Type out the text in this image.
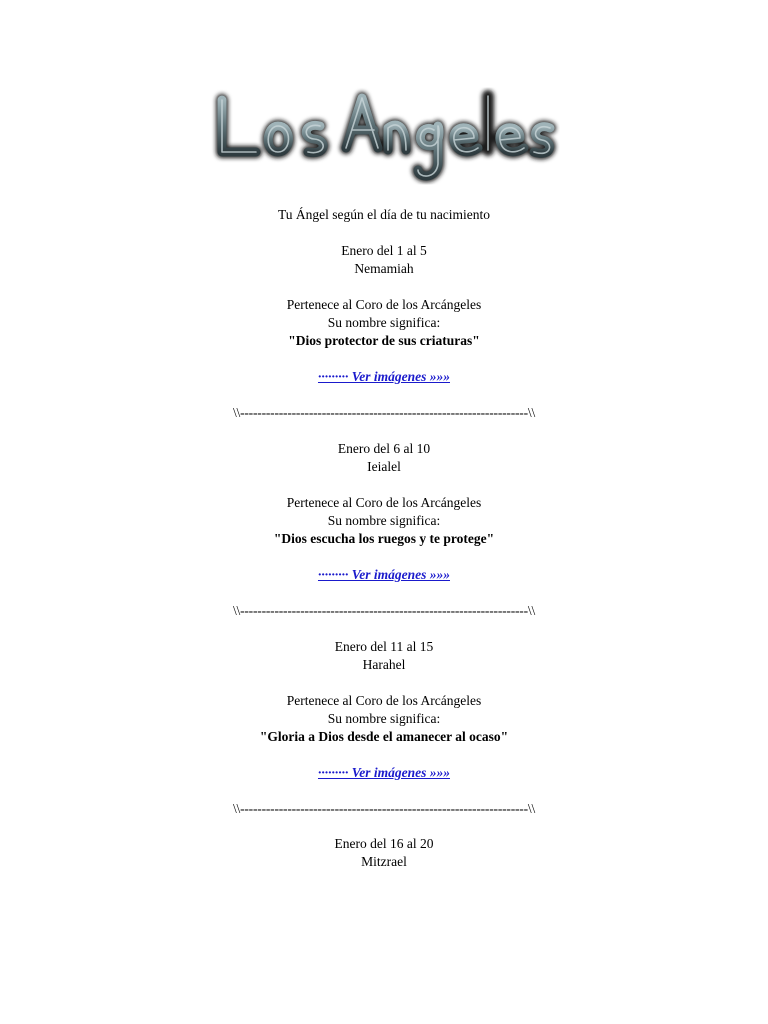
Tu Ángel según el día de tu nacimiento
Enero del 1 al 5
Nemamiah
Pertenece al Coro de los Arcángeles
Su nombre significa:
"Dios protector de sus criaturas"
········· Ver imágenes »»»
\\-------------------------------------------------------------------\\
Enero del 6 al 10
Ieialel
Pertenece al Coro de los Arcángeles
Su nombre significa:
"Dios escucha los ruegos y te protege"
········· Ver imágenes »»»
\\-------------------------------------------------------------------\\
Enero del 11 al 15
Harahel
Pertenece al Coro de los Arcángeles
Su nombre significa:
"Gloria a Dios desde el amanecer al ocaso"
········· Ver imágenes »»»
\\-------------------------------------------------------------------\\
Enero del 16 al 20
Mitzrael
